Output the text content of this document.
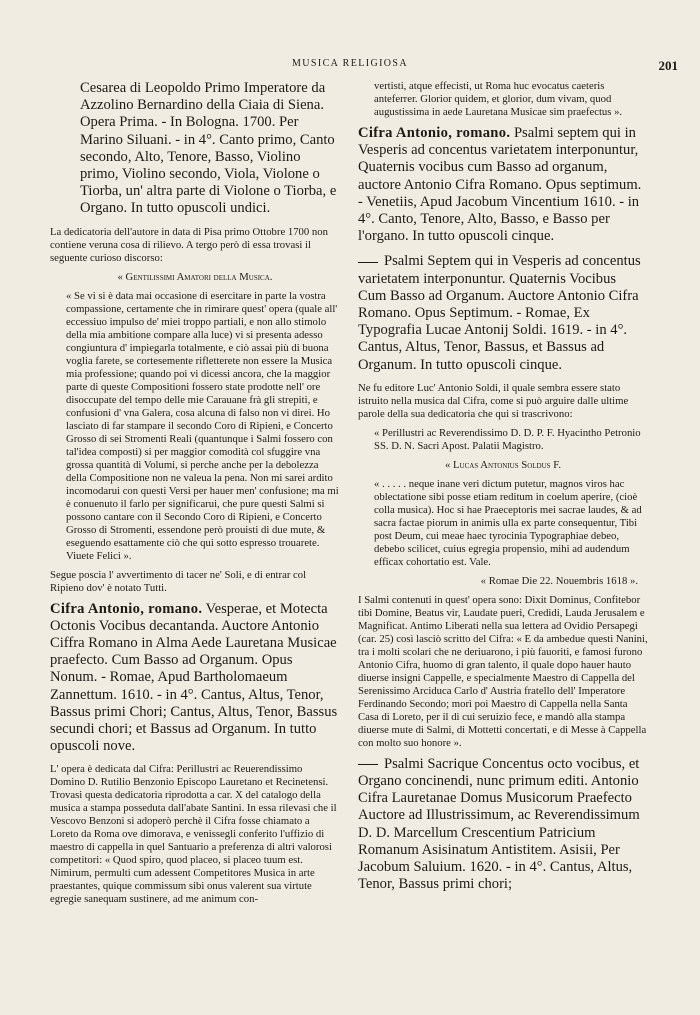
MUSICA RELIGIOSA	201

Cesarea di Leopoldo Primo Imperatore da Azzolino Bernardino della Ciaia di Siena. Opera Prima. - In Bologna. 1700. Per Marino Siluani. - in 4°. Canto primo, Canto secondo, Alto, Tenore, Basso, Violino primo, Violino secondo, Viola, Violone o Tiorba, un' altra parte di Violone o Tiorba, e Organo. In tutto opuscoli undici.

La dedicatoria dell'autore in data di Pisa primo Ottobre 1700 non contiene veruna cosa di rilievo. A tergo però di essa trovasi il seguente curioso discorso:

« Gentilissimi Amatori della Musica.

« Se vi si è data mai occasione di esercitare in parte la vostra compassione, certamente che in rimirare quest' opera (quale all' eccessiuo impulso de' miei troppo partiali, e non allo stimolo della mia ambitione compare alla luce) vi si presenta adesso congiuntura d' impiegarla totalmente, e ciò assai più di buona voglia farete, se cortesemente rifletterete non essere la Musica mia professione; quando poi vi dicessi ancora, che la maggior parte di queste Compositioni fossero state prodotte nell' ore disoccupate del tempo delle mie Carauane frà gli strepiti, e confusioni d' vna Galera, cosa alcuna di falso non vi direi. Ho lasciato di far stampare il secondo Coro di Ripieni, e Concerto Grosso di sei Stromenti Reali (quantunque i Salmi fossero con tal'idea composti) si per maggior comodità col sfuggire vna grossa quantità di Volumi, si perche anche per la debolezza della Compositione non ne valeua la pena. Non mi sarei ardito incomodarui con questi Versi per hauer men' confusione; ma mi è conuenuto il farlo per significarui, che pure questi Salmi si possono cantare con il Secondo Coro di Ripieni, e Concerto Grosso di Stromenti, essendone però prouisti di due mute, & eseguendo esattamente ciò che qui sotto espresso trouarete. Viuete Felici ».

Segue poscia l' avvertimento di tacer ne' Soli, e di entrar col Ripieno dov' è notato Tutti.

Cifra Antonio, romano. Vesperae, et Motecta Octonis Vocibus decantanda. Auctore Antonio Ciffra Romano in Alma Aede Lauretana Musicae praefecto. Cum Basso ad Organum. Opus Nonum. - Romae, Apud Bartholomaeum Zannettum. 1610. - in 4°. Cantus, Altus, Tenor, Bassus primi Chori; Cantus, Altus, Tenor, Bassus secundi chori; et Bassus ad Organum. In tutto opuscoli nove.

L' opera è dedicata dal Cifra: Perillustri ac Reuerendissimo Domino D. Rutilio Benzonio Episcopo Lauretano et Recinetensi. Trovasi questa dedicatoria riprodotta a car. X del catalogo della musica a stampa posseduta dall'abate Santini. In essa rilevasi che il Vescovo Benzoni si adoperò perchè il Cifra fosse chiamato a Loreto da Roma ove dimorava, e venissegli conferito l'uffizio di maestro di cappella in quel Santuario a preferenza di altri valorosi competitori: « Quod spiro, quod placeo, si placeo tuum est. Nimirum, permulti cum adessent Competitores Musica in arte praestantes, quique commissum sibi onus valerent sua virtute egregie sanequam sustinere, ad me animum con-

vertisti, atque effecisti, ut Roma huc evocatus caeteris anteferrer. Glorior quidem, et glorior, dum vivam, quod augustissima in aede Lauretana Musicae sim praefectus ».

Cifra Antonio, romano. Psalmi septem qui in Vesperis ad concentus varietatem interponuntur, Quaternis vocibus cum Basso ad organum, auctore Antonio Cifra Romano. Opus septimum. - Venetiis, Apud Jacobum Vincentium 1610. - in 4°. Canto, Tenore, Alto, Basso, e Basso per l'organo. In tutto opuscoli cinque.

Psalmi Septem qui in Vesperis ad concentus varietatem interponuntur. Quaternis Vocibus Cum Basso ad Organum. Auctore Antonio Cifra Romano. Opus Septimum. - Romae, Ex Typografia Lucae Antonij Soldi. 1619. - in 4°. Cantus, Altus, Tenor, Bassus, et Bassus ad Organum. In tutto opuscoli cinque.

Ne fu editore Luc' Antonio Soldi, il quale sembra essere stato istruito nella musica dal Cifra, come si può arguire dalle ultime parole della sua dedicatoria che qui si trascrivono:

« Perillustri ac Reverendissimo D. D. P. F. Hyacintho Petronio SS. D. N. Sacri Apost. Palatii Magistro.

« Lucas Antonius Soldus F.

« . . . . . neque inane veri dictum putetur, magnos viros hac oblectatione sibi posse etiam reditum in coelum aperire, (cioè colla musica). Hoc si hae Praeceptoris mei sacrae laudes, & ad sacra factae piorum in animis ulla ex parte consequentur, Tibi post Deum, cui meae haec tyrocinia Typographiae debeo, debebo scilicet, cuius egregia propensio, mihi ad audendum efficax cohortatio est. Vale.

« Romae Die 22. Nouembris 1618 ».

I Salmi contenuti in quest' opera sono: Dixit Dominus, Confitebor tibi Domine, Beatus vir, Laudate pueri, Credidi, Lauda Jerusalem e Magnificat. Antimo Liberati nella sua lettera ad Ovidio Persapegi (car. 25) così lasciò scritto del Cifra: « E da ambedue questi Nanini, tra i molti scolari che ne deriuarono, i più fauoriti, e famosi furono Antonio Cifra, huomo di gran talento, il quale dopo hauer hauto diuerse insigni Cappelle, e specialmente Maestro di Cappella del Serenissimo Arciduca Carlo d' Austria fratello dell' Imperatore Ferdinando Secondo; morì poi Maestro di Cappella nella Santa Casa di Loreto, per il di cui seruizio fece, e mandò alla stampa diuerse mute di Salmi, di Mottetti concertati, e di Messe à Cappella con molto suo honore ».

Psalmi Sacrique Concentus octo vocibus, et Organo concinendi, nunc primum editi. Antonio Cifra Lauretanae Domus Musicorum Praefecto Auctore ad Illustrissimum, ac Reverendissimum D. D. Marcellum Crescentium Patricium Romanum Asisinatum Antistitem. Asisii, Per Jacobum Saluium. 1620. - in 4°. Cantus, Altus, Tenor, Bassus primi chori;
